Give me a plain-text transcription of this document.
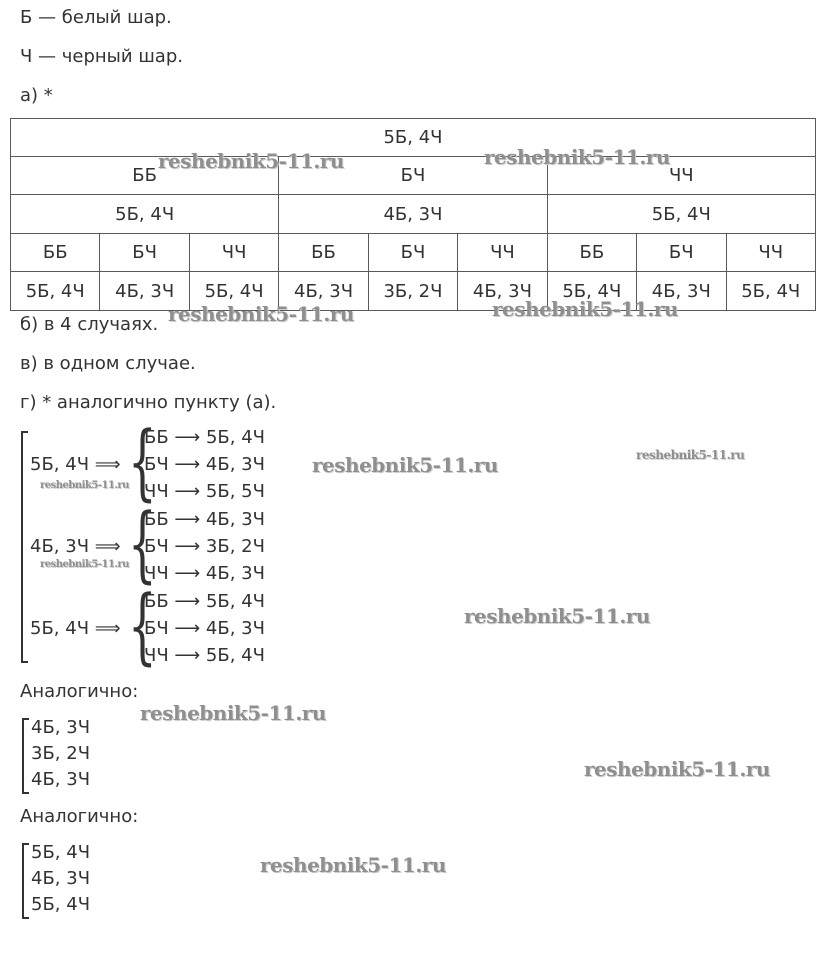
Б — белый шар.
Ч — черный шар.
а) *
5Б, 4Ч								
ББ			БЧ			ЧЧ		
5Б, 4Ч			4Б, 3Ч			5Б, 4Ч		
ББ	БЧ	ЧЧ	ББ	БЧ	ЧЧ	ББ	БЧ	ЧЧ
5Б, 4Ч	4Б, 3Ч	5Б, 4Ч	4Б, 3Ч	3Б, 2Ч	4Б, 3Ч	5Б, 4Ч	4Б, 3Ч	5Б, 4Ч
б) в 4 случаях.
в) в одном случае.
г) * аналогично пункту (а).
5Б, 4Ч ⟹ {
ББ ⟶ 5Б, 4Ч
БЧ ⟶ 4Б, 3Ч
ЧЧ ⟶ 5Б, 5Ч
4Б, 3Ч ⟹ {
ББ ⟶ 4Б, 3Ч
БЧ ⟶ 3Б, 2Ч
ЧЧ ⟶ 4Б, 3Ч
5Б, 4Ч ⟹ {
ББ ⟶ 5Б, 4Ч
БЧ ⟶ 4Б, 3Ч
ЧЧ ⟶ 5Б, 4Ч
Аналогично:
4Б, 3Ч
3Б, 2Ч
4Б, 3Ч
Аналогично:
5Б, 4Ч
4Б, 3Ч
5Б, 4Ч
reshebnik5-11.ru	reshebnik5-11.ru
reshebnik5-11.ru	reshebnik5-11.ru
reshebnik5-11.ru	reshebnik5-11.ru
reshebnik5-11.ru
reshebnik5-11.ru
reshebnik5-11.ru
reshebnik5-11.ru
reshebnik5-11.ru
reshebnik5-11.ru
